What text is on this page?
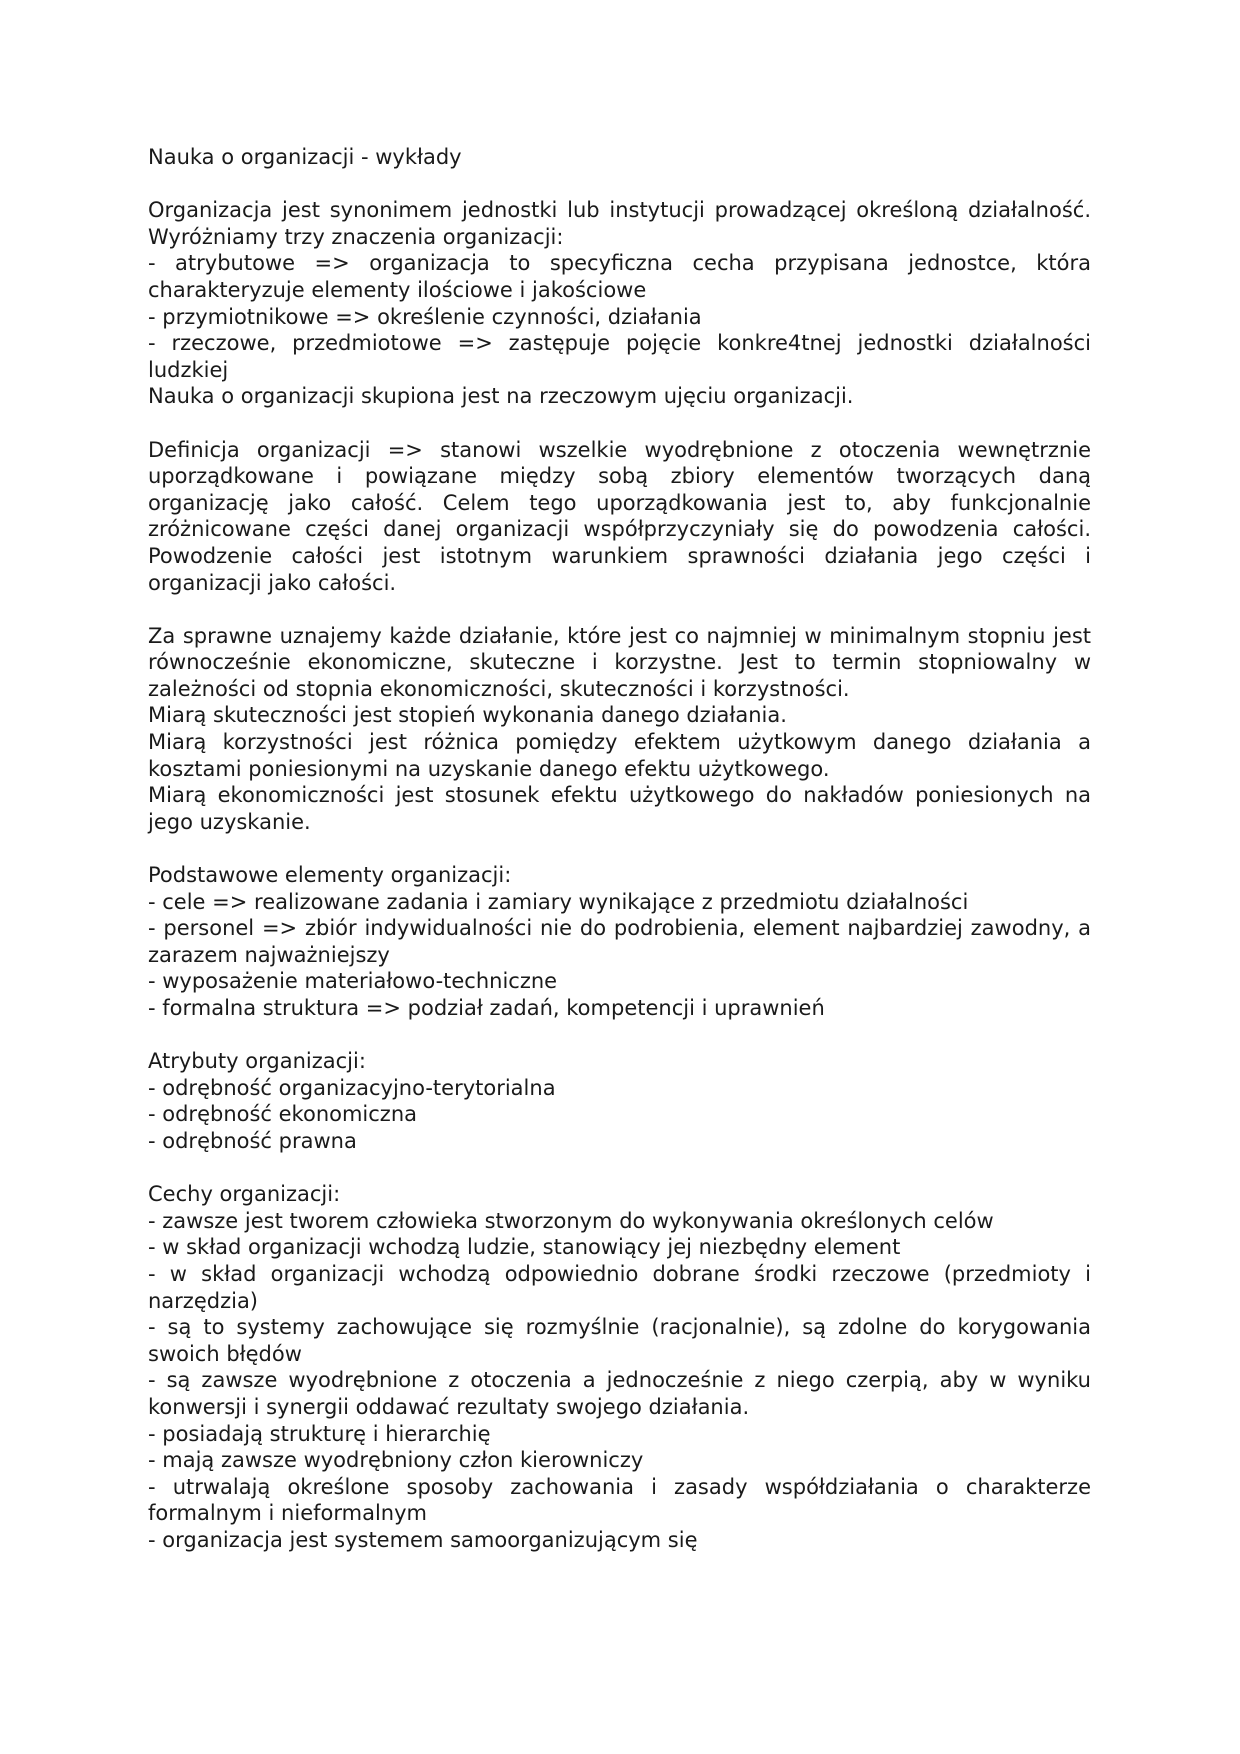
Nauka o organizacji - wykłady

Organizacja jest synonimem jednostki lub instytucji prowadzącej określoną działalność. Wyróżniamy trzy znaczenia organizacji:

- atrybutowe => organizacja to specyficzna cecha przypisana jednostce, która charakteryzuje elementy ilościowe i jakościowe
- przymiotnikowe => określenie czynności, działania
- rzeczowe, przedmiotowe => zastępuje pojęcie konkre4tnej jednostki działalności ludzkiej

Nauka o organizacji skupiona jest na rzeczowym ujęciu organizacji.

Definicja organizacji => stanowi wszelkie wyodrębnione z otoczenia wewnętrznie uporządkowane i powiązane między sobą zbiory elementów tworzących daną organizację jako całość. Celem tego uporządkowania jest to, aby funkcjonalnie zróżnicowane części danej organizacji współprzyczyniały się do powodzenia całości. Powodzenie całości jest istotnym warunkiem sprawności działania jego części i organizacji jako całości.

Za sprawne uznajemy każde działanie, które jest co najmniej w minimalnym stopniu jest równocześnie ekonomiczne, skuteczne i korzystne. Jest to termin stopniowalny w zależności od stopnia ekonomiczności, skuteczności i korzystności.

Miarą skuteczności jest stopień wykonania danego działania.

Miarą korzystności jest różnica pomiędzy efektem użytkowym danego działania a kosztami poniesionymi na uzyskanie danego efektu użytkowego.

Miarą ekonomiczności jest stosunek efektu użytkowego do nakładów poniesionych na jego uzyskanie.

Podstawowe elementy organizacji:

- cele => realizowane zadania i zamiary wynikające z przedmiotu działalności
- personel => zbiór indywidualności nie do podrobienia, element najbardziej zawodny, a zarazem najważniejszy
- wyposażenie materiałowo-techniczne
- formalna struktura => podział zadań, kompetencji i uprawnień

Atrybuty organizacji:

- odrębność organizacyjno-terytorialna
- odrębność ekonomiczna
- odrębność prawna

Cechy organizacji:

- zawsze jest tworem człowieka stworzonym do wykonywania określonych celów
- w skład organizacji wchodzą ludzie, stanowiący jej niezbędny element
- w skład organizacji wchodzą odpowiednio dobrane środki rzeczowe (przedmioty i narzędzia)
- są to systemy zachowujące się rozmyślnie (racjonalnie), są zdolne do korygowania swoich błędów
- są zawsze wyodrębnione z otoczenia a jednocześnie z niego czerpią, aby w wyniku konwersji i synergii oddawać rezultaty swojego działania.
- posiadają strukturę i hierarchię
- mają zawsze wyodrębniony człon kierowniczy
- utrwalają określone sposoby zachowania i zasady współdziałania o charakterze formalnym i nieformalnym
- organizacja jest systemem samoorganizującym się
